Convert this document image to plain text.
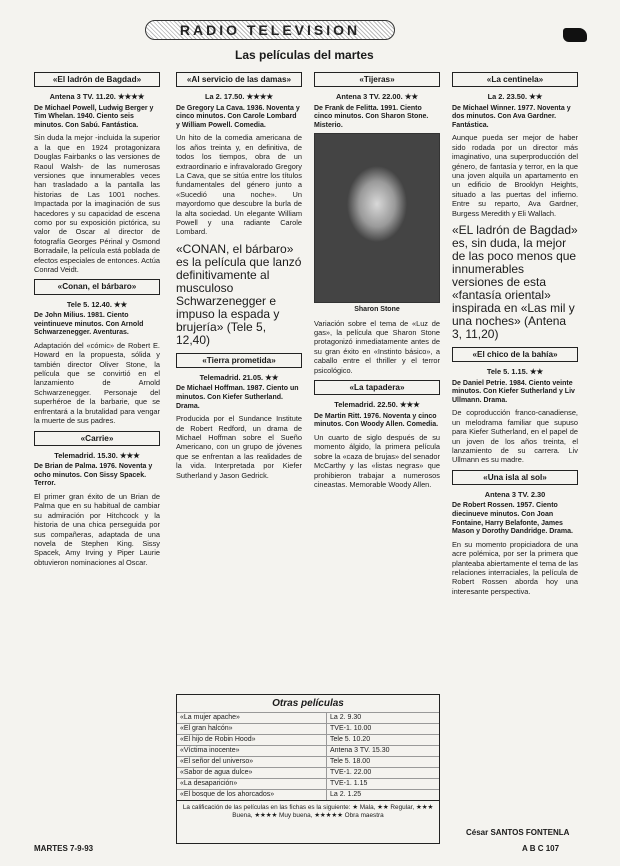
RADIO TELEVISION
Las películas del martes
«El ladrón de Bagdad»
Antena 3 TV. 11.20. ★★★★
De Michael Powell, Ludwig Berger y Tim Whelan. 1940. Ciento seis minutos. Con Sabú. Fantástica.
Sin duda la mejor -incluida la superior a la que en 1924 protagonizara Douglas Fairbanks o las versiones de Raoul Walsh- de las numerosas versiones que innumerables veces han trasladado a la pantalla las historias de Las 1001 noches. Impactada por la imaginación de sus hacedores y su capacidad de escena como por su exposición pictórica, su valor de Oscar al director de fotografía Georges Périnal y Osmond Borradaile, la película está poblada de efectos especiales de entonces. Actúa Conrad Veidt.
«Conan, el bárbaro»
Tele 5. 12.40. ★★
De John Milius. 1981. Ciento veintinueve minutos. Con Arnold Schwarzenegger. Aventuras.
Adaptación del «cómic» de Robert E. Howard en la propuesta, sólida y también director Oliver Stone, la película que se convirtió en el lanzamiento de Arnold Schwarzenegger. Personaje del superhéroe de la barbarie, que se enfrentará a la brutalidad para vengar la muerte de sus padres.
«Carrie»
Telemadrid. 15.30. ★★★
De Brian de Palma. 1976. Noventa y ocho minutos. Con Sissy Spacek. Terror.
El primer gran éxito de un Brian de Palma que en su habitual de cambiar su admiración por Hitchcock y la historia de una chica perseguida por sus compañeras, adaptada de una novela de Stephen King. Sissy Spacek, Amy Irving y Piper Laurie obtuvieron nominaciones al Oscar.
«Al servicio de las damas»
La 2. 17.50. ★★★★
De Gregory La Cava. 1936. Noventa y cinco minutos. Con Carole Lombard y William Powell. Comedia.
Un hito de la comedia americana de los años treinta y, en definitiva, de todos los tiempos, obra de un extraordinario e infravalorado Gregory La Cava, que se sitúa entre los títulos fundamentales del género junto a «Sucedió una noche». Un mayordomo que descubre la burla de la alta sociedad. Un elegante William Powell y una radiante Carole Lombard.
«CONAN, el bárbaro» es la película que lanzó definitivamente al musculoso Schwarzenegger e impuso la espada y brujería» (Tele 5, 12,40)
«Tierra prometida»
Telemadrid. 21.05. ★★
De Michael Hoffman. 1987. Ciento un minutos. Con Kiefer Sutherland. Drama.
Producida por el Sundance Institute de Robert Redford, un drama de Michael Hoffman sobre el Sueño Americano, con un grupo de jóvenes que se enfrentan a las realidades de la vida. Interpretada por Kiefer Sutherland y Jason Gedrick.
«Tijeras»
Antena 3 TV. 22.00. ★★
De Frank de Felitta. 1991. Ciento cinco minutos. Con Sharon Stone. Misterio.
Sharon Stone
Variación sobre el tema de «Luz de gas», la película que Sharon Stone protagonizó inmediatamente antes de su gran éxito en «Instinto básico», a caballo entre el thriller y el terror psicológico.
«La tapadera»
Telemadrid. 22.50. ★★★
De Martin Ritt. 1976. Noventa y cinco minutos. Con Woody Allen. Comedia.
Un cuarto de siglo después de su momento álgido, la primera película sobre la «caza de brujas» del senador McCarthy y las «listas negras» que prohibieron trabajar a numerosos cineastas. Memorable Woody Allen.
«La centinela»
La 2. 23.50. ★★
De Michael Winner. 1977. Noventa y dos minutos. Con Ava Gardner. Fantástica.
Aunque pueda ser mejor de haber sido rodada por un director más imaginativo, una superproducción del género, de fantasía y terror, en la que una joven alquila un apartamento en un edificio de Brooklyn Heights, situado a las puertas del infierno. Entre su reparto, Ava Gardner, Burgess Meredith y Eli Wallach.
«EL ladrón de Bagdad» es, sin duda, la mejor de las poco menos que innumerables versiones de esta «fantasía oriental» inspirada en «Las mil y una noches» (Antena 3, 11,20)
«El chico de la bahía»
Tele 5. 1.15. ★★
De Daniel Petrie. 1984. Ciento veinte minutos. Con Kiefer Sutherland y Liv Ullmann. Drama.
De coproducción franco-canadiense, un melodrama familiar que supuso para Kiefer Sutherland, en el papel de un joven de los años treinta, el lanzamiento de su carrera. Liv Ullmann es su madre.
«Una isla al sol»
Antena 3 TV. 2.30
De Robert Rossen. 1957. Ciento diecinueve minutos. Con Joan Fontaine, Harry Belafonte, James Mason y Dorothy Dandridge. Drama.
En su momento propiciadora de una acre polémica, por ser la primera que planteaba abiertamente el tema de las relaciones interraciales, la película de Robert Rossen aborda hoy una interesante perspectiva.
Otras películas
«La mujer apache»	La 2. 9.30
«El gran halcón»	TVE-1. 10.00
«El hijo de Robin Hood»	Tele 5. 10.20
«Víctima inocente»	Antena 3 TV. 15.30
«El señor del universo»	Tele 5. 18.00
«Sabor de agua dulce»	TVE-1. 22.00
«La desaparición»	TVE-1. 1.15
«El bosque de los ahorcados»	La 2. 1.25
La calificación de las películas en las fichas es la siguiente: ★ Mala, ★★ Regular, ★★★ Buena, ★★★★ Muy buena, ★★★★★ Obra maestra
César SANTOS FONTENLA
MARTES 7-9-93	A B C 107
